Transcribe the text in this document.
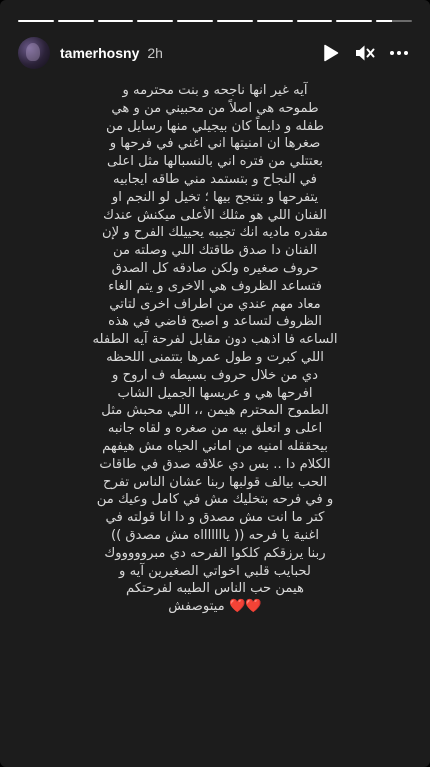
tamerhosny 2h
آيه غير انها ناجحه و بنت محترمه و
طموحه هي اصلاً من محبيني من و هي
طفله و دايماً كان بيجيلي منها رسايل من
صغرها ان امنيتها اني اغني في فرحها و
بعتتلي من فتره اني بالنسبالها مثل اعلى
في النجاح و بتستمد مني طاقه ايجابيه
يتفرحها و بتنجح بيها ؛ تخيل لو النجم او
الفنان اللي هو مثلك الأعلى ميكنش عندك
مقدره ماديه انك تجيبه يحييلك الفرح و لإن
الفنان دا صدق طاقتك اللي وصلته من
حروف صغيره ولكن صادقه كل الصدق
فتساعد الظروف هي الاخرى و يتم الغاء
معاد مهم عندي من اطراف اخرى لتاتي
الظروف لتساعد و اصبح فاضي في هذه
الساعه فا اذهب دون مقابل لفرحة آيه الطفله
اللي كبرت و طول عمرها بتتمنى اللحظه
دي من خلال حروف بسيطه ف اروح و
افرحها هي و عريسها الجميل الشاب
الطموح المحترم هيمن ،، اللي محبش مثل
اعلى و اتعلق بيه من صغره و لقاه جانبه
بيحققله امنيه من اماني الحياه مش هيفهم
الكلام دا .. بس دي علاقه صدق في طاقات
الحب بيالف قولبها ربنا عشان الناس تفرح
و في فرحه بتخليك مش في كامل وعيك من
كتر ما انت مش مصدق و دا انا قولته في
اغنية يا فرحه (( ياااااااه مش مصدق ))
ربنا يرزقكم كلكوا الفرحه دي مبروووووك
لحبايب قلبي اخواتي الصغيرين آيه و
هيمن حب الناس الطيبه لفرحتكم
❤️❤️ ميتوصفش
